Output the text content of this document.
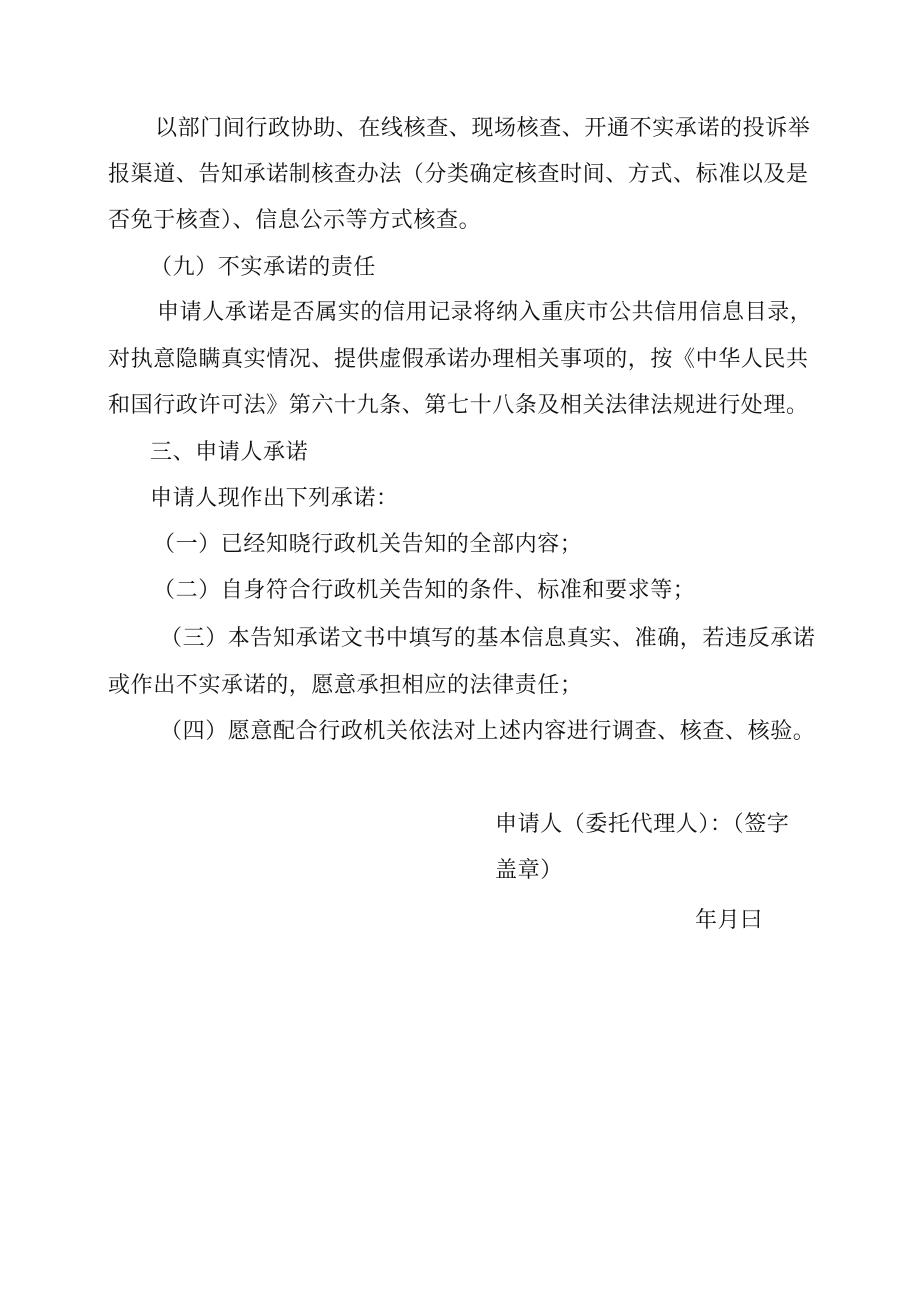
以部门间行政协助、在线核查、现场核查、开通不实承诺的投诉举
报渠道、告知承诺制核查办法（分类确定核查时间、方式、标准以及是
否免于核查）、信息公示等方式核查。
（九）不实承诺的责任
申请人承诺是否属实的信用记录将纳入重庆市公共信用信息目录，
对执意隐瞒真实情况、提供虚假承诺办理相关事项的，按《中华人民共
和国行政许可法》第六十九条、第七十八条及相关法律法规进行处理。
三、申请人承诺
申请人现作出下列承诺：
（一）已经知晓行政机关告知的全部内容；
（二）自身符合行政机关告知的条件、标准和要求等；
（三）本告知承诺文书中填写的基本信息真实、准确，若违反承诺
或作出不实承诺的，愿意承担相应的法律责任；
（四）愿意配合行政机关依法对上述内容进行调查、核查、核验。
申请人（委托代理人）：（签字
盖章）
年月曰
